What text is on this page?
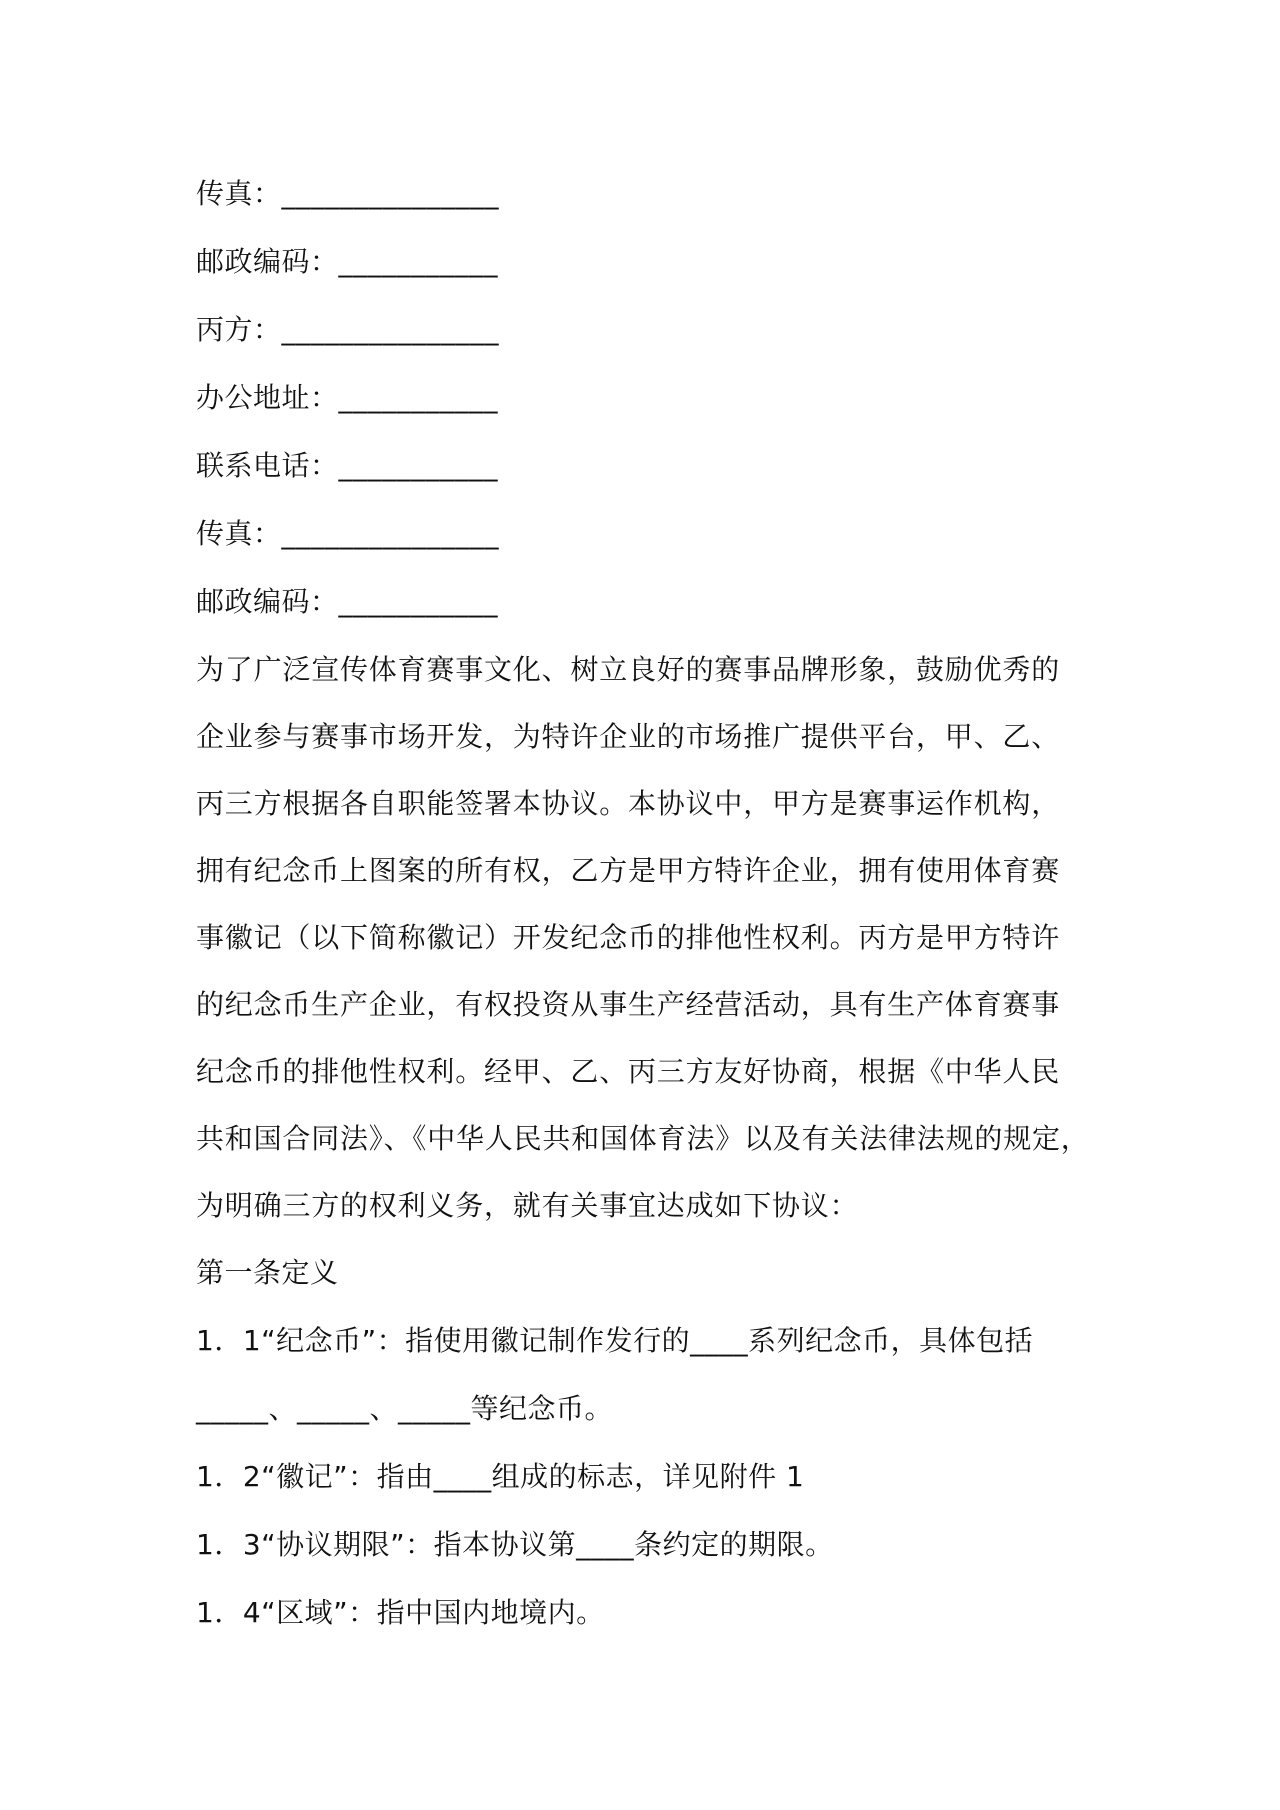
传真：_______________
邮政编码：___________
丙方：_______________
办公地址：___________
联系电话：___________
传真：_______________
邮政编码：___________

为了广泛宣传体育赛事文化、树立良好的赛事品牌形象，鼓励优秀的
企业参与赛事市场开发，为特许企业的市场推广提供平台，甲、乙、
丙三方根据各自职能签署本协议。本协议中，甲方是赛事运作机构，
拥有纪念币上图案的所有权，乙方是甲方特许企业，拥有使用体育赛
事徽记（以下简称徽记）开发纪念币的排他性权利。丙方是甲方特许
的纪念币生产企业，有权投资从事生产经营活动，具有生产体育赛事
纪念币的排他性权利。经甲、乙、丙三方友好协商，根据《中华人民
共和国合同法》、《中华人民共和国体育法》以及有关法律法规的规定，
为明确三方的权利义务，就有关事宜达成如下协议：

第一条定义
1．1“纪念币”：指使用徽记制作发行的____系列纪念币，具体包括
_____、_____、_____等纪念币。
1．2“徽记”：指由____组成的标志，详见附件 1
1．3“协议期限”：指本协议第____条约定的期限。
1．4“区域”：指中国内地境内。
